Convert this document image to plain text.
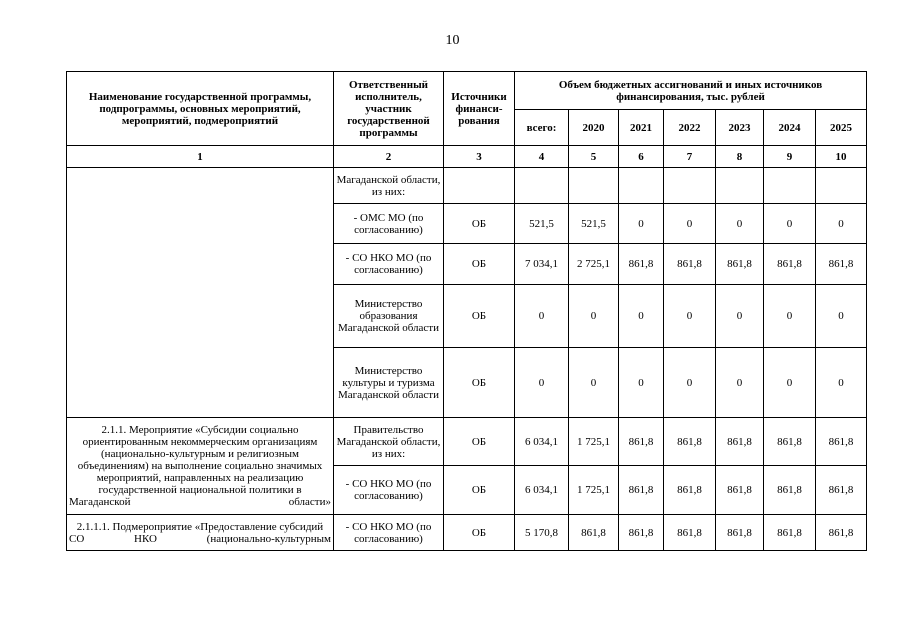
10
Наименование государственной программы, подпрограммы, основных мероприятий, мероприятий, подмероприятий	Ответственный исполнитель, участник государственной программы	Источники финанси-рования	Объем бюджетных ассигнований и иных источников финансирования, тыс. рублей						
			всего:	2020	2021	2022	2023	2024	2025
1	2	3	4	5	6	7	8	9	10
	Магаданской области, из них:								
	- ОМС МО (по согласованию)	ОБ	521,5	521,5	0	0	0	0	0
	- СО НКО МО (по согласованию)	ОБ	7 034,1	2 725,1	861,8	861,8	861,8	861,8	861,8
	Министерство образования Магаданской области	ОБ	0	0	0	0	0	0	0
	Министерство культуры и туризма Магаданской области	ОБ	0	0	0	0	0	0	0
2.1.1. Мероприятие «Субсидии социально ориентированным некоммерческим организациям (национально-культурным и религиозным объединениям) на выполнение социально значимых мероприятий, направленных на реализацию государственной национальной политики в Магаданской области»	Правительство Магаданской области, из них:	ОБ	6 034,1	1 725,1	861,8	861,8	861,8	861,8	861,8
	- СО НКО МО (по согласованию)	ОБ	6 034,1	1 725,1	861,8	861,8	861,8	861,8	861,8
2.1.1.1. Подмероприятие «Предоставление субсидий СО НКО (национально-культурным	- СО НКО МО (по согласованию)	ОБ	5 170,8	861,8	861,8	861,8	861,8	861,8	861,8
